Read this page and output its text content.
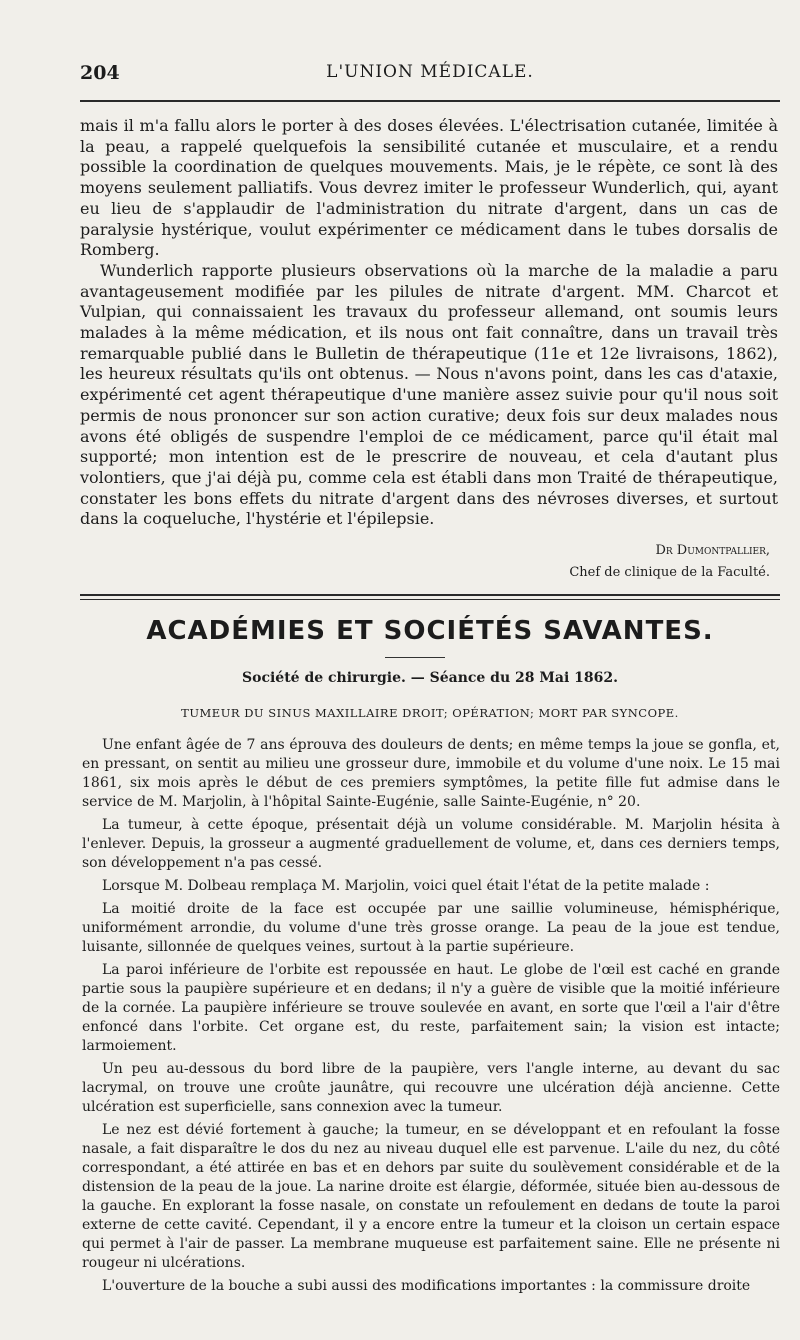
204	L'UNION MÉDICALE.

mais il m'a fallu alors le porter à des doses élevées. L'électrisation cutanée, limitée à la peau, a rappelé quelquefois la sensibilité cutanée et musculaire, et a rendu possible la coordination de quelques mouvements. Mais, je le répète, ce sont là des moyens seulement palliatifs. Vous devrez imiter le professeur Wunderlich, qui, ayant eu lieu de s'applaudir de l'administration du nitrate d'argent, dans un cas de paralysie hystérique, voulut expérimenter ce médicament dans le tubes dorsalis de Romberg.

Wunderlich rapporte plusieurs observations où la marche de la maladie a paru avantageusement modifiée par les pilules de nitrate d'argent. MM. Charcot et Vulpian, qui connaissaient les travaux du professeur allemand, ont soumis leurs malades à la même médication, et ils nous ont fait connaître, dans un travail très remarquable publié dans le Bulletin de thérapeutique (11e et 12e livraisons, 1862), les heureux résultats qu'ils ont obtenus. — Nous n'avons point, dans les cas d'ataxie, expérimenté cet agent thérapeutique d'une manière assez suivie pour qu'il nous soit permis de nous prononcer sur son action curative; deux fois sur deux malades nous avons été obligés de suspendre l'emploi de ce médicament, parce qu'il était mal supporté; mon intention est de le prescrire de nouveau, et cela d'autant plus volontiers, que j'ai déjà pu, comme cela est établi dans mon Traité de thérapeutique, constater les bons effets du nitrate d'argent dans des névroses diverses, et surtout dans la coqueluche, l'hystérie et l'épilepsie.

Dr Dumontpallier,
Chef de clinique de la Faculté.
ACADÉMIES ET SOCIÉTÉS SAVANTES.
Société de chirurgie. — Séance du 28 Mai 1862.
TUMEUR DU SINUS MAXILLAIRE DROIT; OPÉRATION; MORT PAR SYNCOPE.

Une enfant âgée de 7 ans éprouva des douleurs de dents; en même temps la joue se gonfla, et, en pressant, on sentit au milieu une grosseur dure, immobile et du volume d'une noix. Le 15 mai 1861, six mois après le début de ces premiers symptômes, la petite fille fut admise dans le service de M. Marjolin, à l'hôpital Sainte-Eugénie, salle Sainte-Eugénie, n° 20.

La tumeur, à cette époque, présentait déjà un volume considérable. M. Marjolin hésita à l'enlever. Depuis, la grosseur a augmenté graduellement de volume, et, dans ces derniers temps, son développement n'a pas cessé.

Lorsque M. Dolbeau remplaça M. Marjolin, voici quel était l'état de la petite malade :

La moitié droite de la face est occupée par une saillie volumineuse, hémisphérique, uniformément arrondie, du volume d'une très grosse orange. La peau de la joue est tendue, luisante, sillonnée de quelques veines, surtout à la partie supérieure.

La paroi inférieure de l'orbite est repoussée en haut. Le globe de l'œil est caché en grande partie sous la paupière supérieure et en dedans; il n'y a guère de visible que la moitié inférieure de la cornée. La paupière inférieure se trouve soulevée en avant, en sorte que l'œil a l'air d'être enfoncé dans l'orbite. Cet organe est, du reste, parfaitement sain; la vision est intacte; larmoiement.

Un peu au-dessous du bord libre de la paupière, vers l'angle interne, au devant du sac lacrymal, on trouve une croûte jaunâtre, qui recouvre une ulcération déjà ancienne. Cette ulcération est superficielle, sans connexion avec la tumeur.

Le nez est dévié fortement à gauche; la tumeur, en se développant et en refoulant la fosse nasale, a fait disparaître le dos du nez au niveau duquel elle est parvenue. L'aile du nez, du côté correspondant, a été attirée en bas et en dehors par suite du soulèvement considérable et de la distension de la peau de la joue. La narine droite est élargie, déformée, située bien au-dessous de la gauche. En explorant la fosse nasale, on constate un refoulement en dedans de toute la paroi externe de cette cavité. Cependant, il y a encore entre la tumeur et la cloison un certain espace qui permet à l'air de passer. La membrane muqueuse est parfaitement saine. Elle ne présente ni rougeur ni ulcérations.

L'ouverture de la bouche a subi aussi des modifications importantes : la commissure droite
